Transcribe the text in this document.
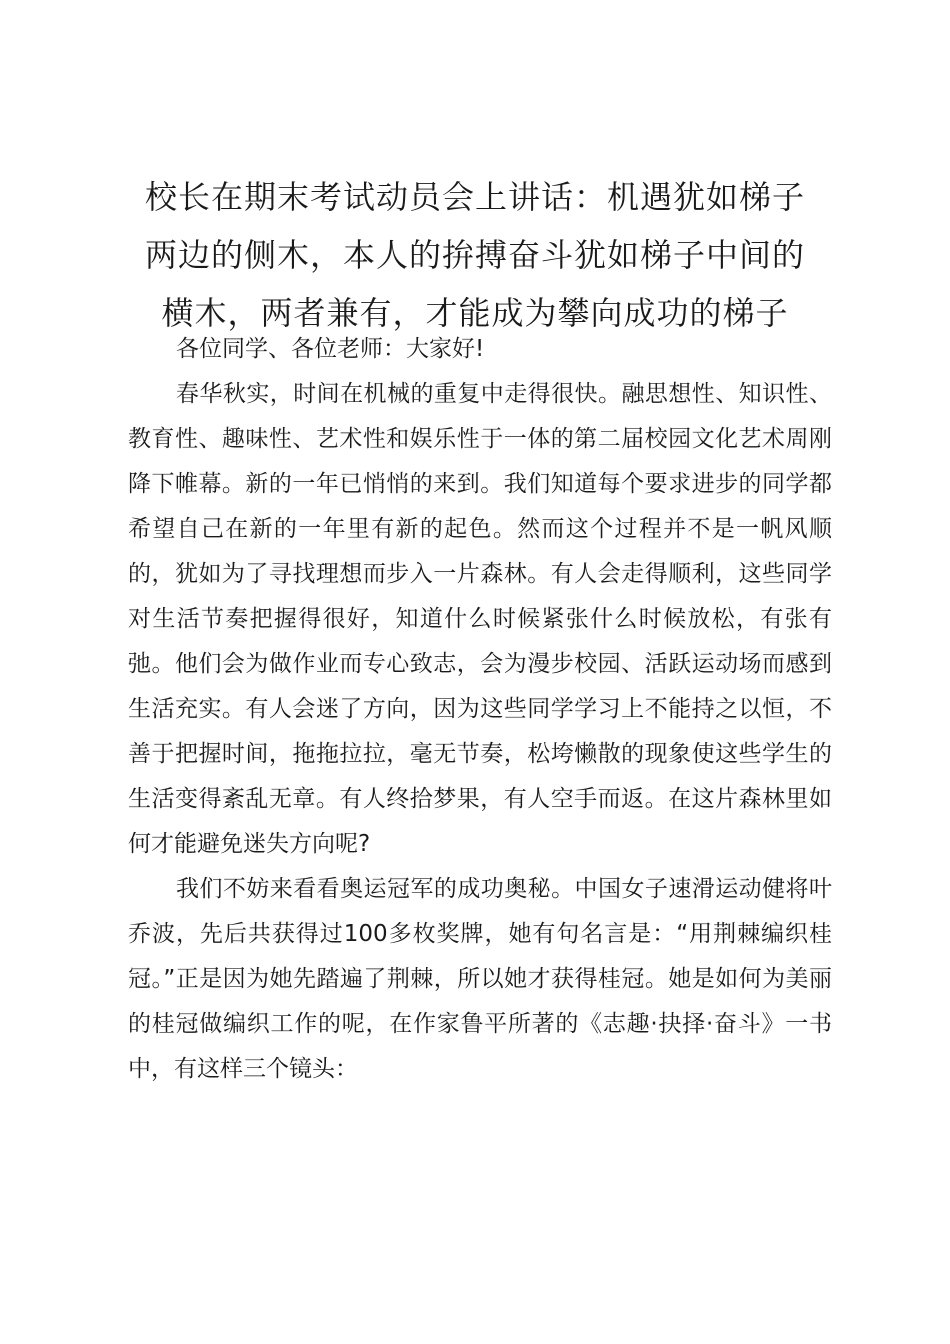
校长在期末考试动员会上讲话：机遇犹如梯子
两边的侧木，本人的拚搏奋斗犹如梯子中间的
横木，两者兼有，才能成为攀向成功的梯子

各位同学、各位老师：大家好!

春华秋实，时间在机械的重复中走得很快。融思想性、知识性、教育性、趣味性、艺术性和娱乐性于一体的第二届校园文化艺术周刚降下帷幕。新的一年已悄悄的来到。我们知道每个要求进步的同学都希望自己在新的一年里有新的起色。然而这个过程并不是一帆风顺的，犹如为了寻找理想而步入一片森林。有人会走得顺利，这些同学对生活节奏把握得很好，知道什么时候紧张什么时候放松，有张有弛。他们会为做作业而专心致志，会为漫步校园、活跃运动场而感到生活充实。有人会迷了方向，因为这些同学学习上不能持之以恒，不善于把握时间，拖拖拉拉，毫无节奏，松垮懒散的现象使这些学生的生活变得紊乱无章。有人终拾梦果，有人空手而返。在这片森林里如何才能避免迷失方向呢?

我们不妨来看看奥运冠军的成功奥秘。中国女子速滑运动健将叶乔波，先后共获得过100多枚奖牌，她有句名言是：“用荆棘编织桂冠。”正是因为她先踏遍了荆棘，所以她才获得桂冠。她是如何为美丽的桂冠做编织工作的呢，在作家鲁平所著的《志趣·抉择·奋斗》一书中，有这样三个镜头：
